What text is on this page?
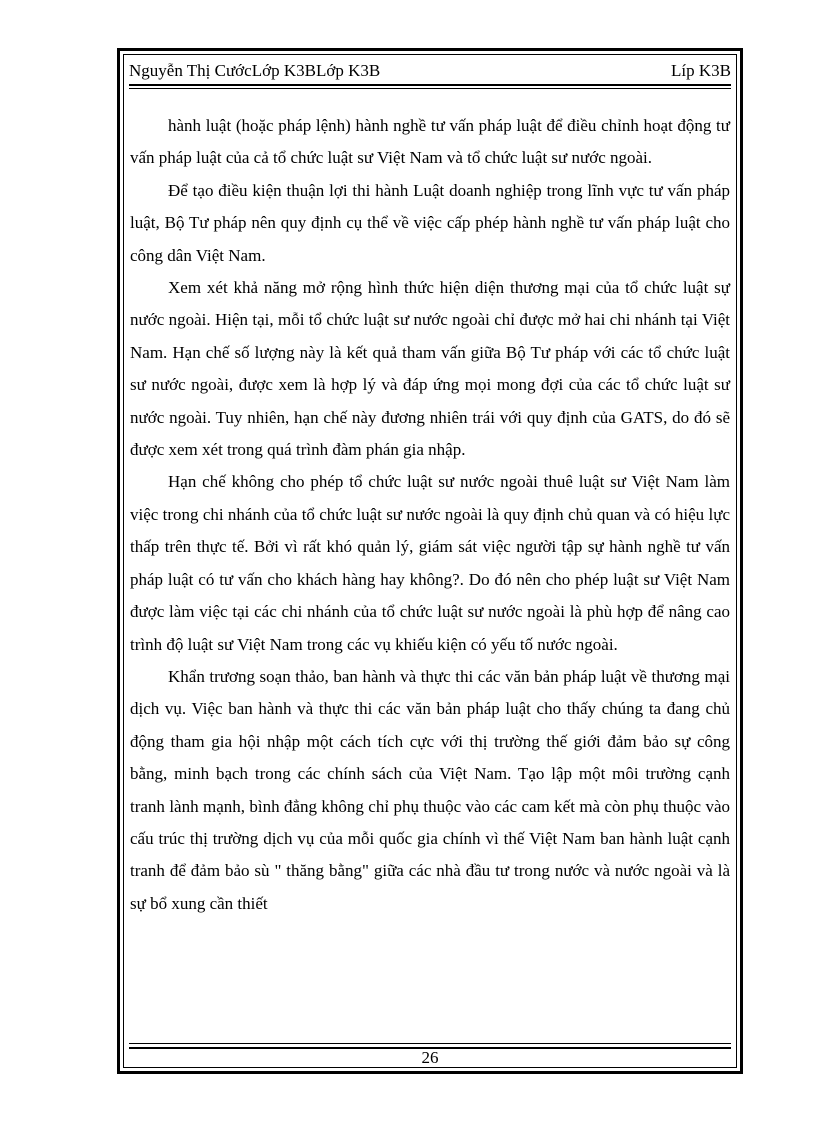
Nguyễn Thị CướcLớp K3BLớp K3B	Líp K3B

hành luật (hoặc pháp lệnh) hành nghề tư vấn pháp luật để điều chỉnh hoạt động tư vấn pháp luật của cả tổ chức luật sư Việt Nam và tổ chức luật sư nước ngoài.

Để tạo điều kiện thuận lợi thi hành Luật doanh nghiệp trong lĩnh vực tư vấn pháp luật, Bộ Tư pháp nên quy định cụ thể về việc cấp phép hành nghề tư vấn pháp luật cho công dân Việt Nam.

Xem xét khả năng mở rộng hình thức hiện diện thương mại của tổ chức luật sự nước ngoài. Hiện tại, mỗi tổ chức luật sư nước ngoài chỉ được mở hai chi nhánh tại Việt Nam. Hạn chế số lượng này là kết quả tham vấn giữa Bộ Tư pháp với các tổ chức luật sư nước ngoài, được xem là hợp lý và đáp ứng mọi mong đợi của các tổ chức luật sư nước ngoài. Tuy nhiên, hạn chế này đương nhiên trái với quy định của GATS, do đó sẽ được xem xét trong quá trình đàm phán gia nhập.

Hạn chế không cho phép tổ chức luật sư nước ngoài thuê luật sư Việt Nam làm việc trong chi nhánh của tổ chức luật sư nước ngoài là quy định chủ quan và có hiệu lực thấp trên thực tế. Bởi vì rất khó quản lý, giám sát việc người tập sự hành nghề tư vấn pháp luật có tư vấn cho khách hàng hay không?. Do đó nên cho phép luật sư Việt Nam được làm việc tại các chi nhánh của tổ chức luật sư nước ngoài là phù hợp để nâng cao trình độ luật sư Việt Nam trong các vụ khiếu kiện có yếu tố nước ngoài.

Khẩn trương soạn thảo, ban hành và thực thi các văn bản pháp luật về thương mại dịch vụ. Việc ban hành và thực thi các văn bản pháp luật cho thấy chúng ta đang chủ động tham gia hội nhập một cách tích cực với thị trường thế giới đảm bảo sự công bằng, minh bạch trong các chính sách của Việt Nam. Tạo lập một môi trường cạnh tranh lành mạnh, bình đẳng không chỉ phụ thuộc vào các cam kết mà còn phụ thuộc vào cấu trúc thị trường dịch vụ của mỗi quốc gia chính vì thế Việt Nam ban hành luật cạnh tranh để đảm bảo sù " thăng bằng" giữa các nhà đầu tư trong nước và nước ngoài và là sự bổ xung cần thiết

26
